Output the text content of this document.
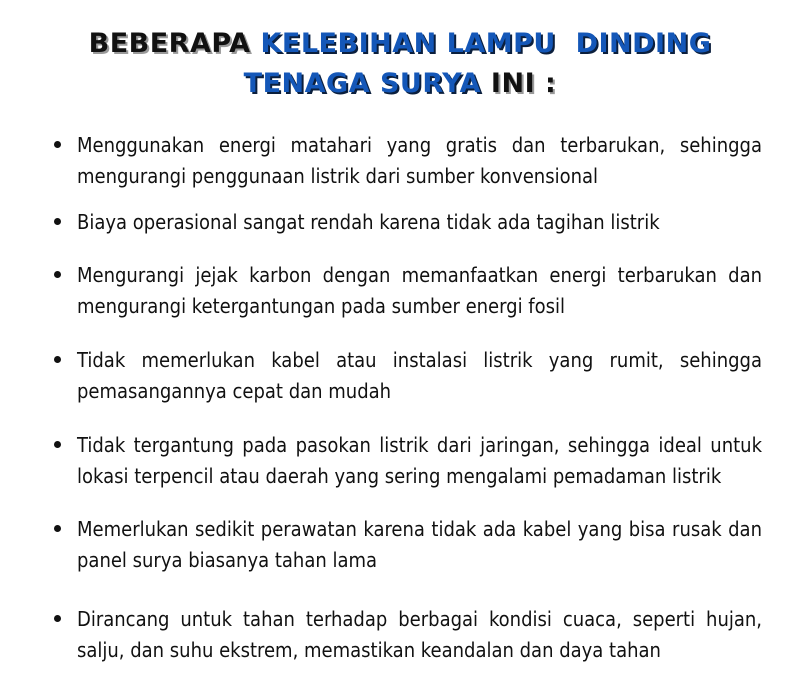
BEBERAPA KELEBIHAN LAMPU  DINDING
TENAGA SURYA INI :
Menggunakan energi matahari yang gratis dan terbarukan, sehingga mengurangi penggunaan listrik dari sumber konvensional
Biaya operasional sangat rendah karena tidak ada tagihan listrik
Mengurangi jejak karbon dengan memanfaatkan energi terbarukan dan mengurangi ketergantungan pada sumber energi fosil
Tidak memerlukan kabel atau instalasi listrik yang rumit, sehingga pemasangannya cepat dan mudah
Tidak tergantung pada pasokan listrik dari jaringan, sehingga ideal untuk lokasi terpencil atau daerah yang sering mengalami pemadaman listrik
Memerlukan sedikit perawatan karena tidak ada kabel yang bisa rusak dan panel surya biasanya tahan lama
Dirancang untuk tahan terhadap berbagai kondisi cuaca, seperti hujan, salju, dan suhu ekstrem, memastikan keandalan dan daya tahan
